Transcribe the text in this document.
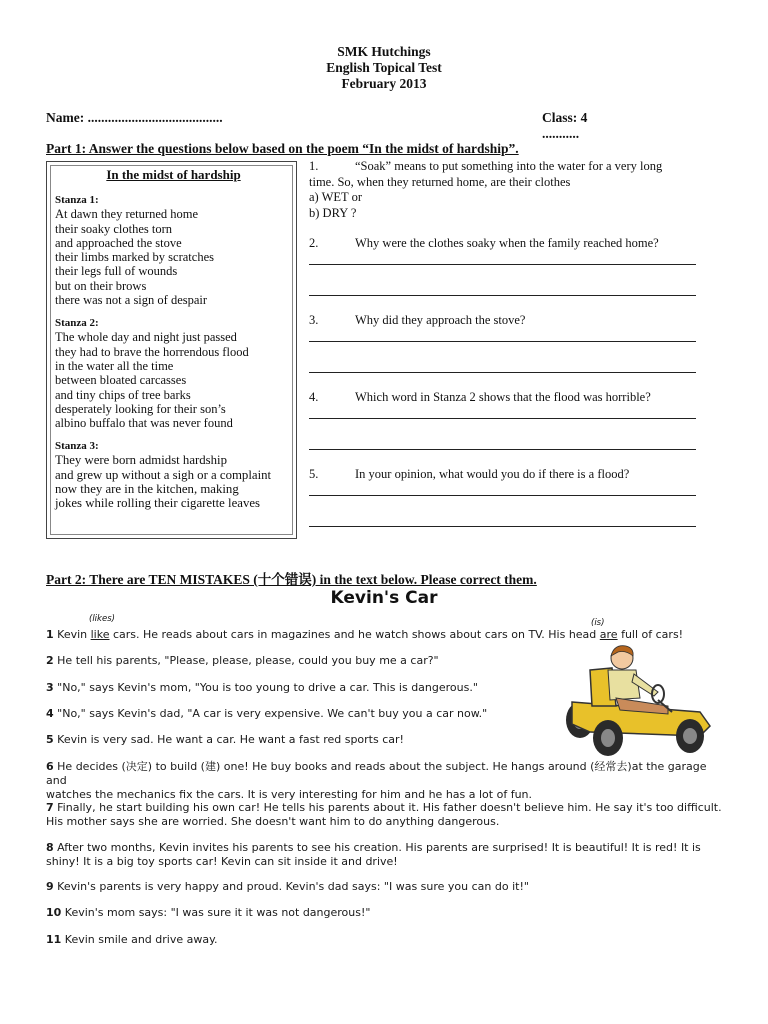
SMK Hutchings
English Topical Test
February 2013
Name: ........................................	Class: 4 ...........
Part 1: Answer the questions below based on the poem “In the midst of hardship”.
In the midst of hardship
Stanza 1:
At dawn they returned home
their soaky clothes torn
and approached the stove
their limbs marked by scratches
their legs full of wounds
but on their brows
there was not a sign of despair
Stanza 2:
The whole day and night just passed
they had to brave the horrendous flood
in the water all the time
between bloated carcasses
and tiny chips of tree barks
desperately looking for their son’s
albino buffalo that was never found
Stanza 3:
They were born admidst hardship
and grew up without a sigh or a complaint
now they are in the kitchen, making
jokes while rolling their cigarette leaves
1.	“Soak” means to put something into the water for a very long
time. So, when they returned home, are their clothes
a) WET or
b) DRY ?
2.	Why were the clothes soaky when the family reached home?
3.	Why did they approach the stove?
4.	Which word in Stanza 2 shows that the flood was horrible?
5.	In your opinion, what would you do if there is a flood?
Part 2: There are TEN MISTAKES (十个错误) in the text below. Please correct them.
Kevin's Car
(likes)	(is)
1 Kevin like cars. He reads about cars in magazines and he watch shows about cars on TV. His head are full of cars!
2 He tell his parents, "Please, please, please, could you buy me a car?"
3 "No," says Kevin's mom, "You is too young to drive a car. This is dangerous."
4 "No," says Kevin's dad, "A car is very expensive. We can't buy you a car now."
5 Kevin is very sad. He want a car. He want a fast red sports car!
6 He decides (决定) to build (建) one! He buy books and reads about the subject. He hangs around (经常去)at the garage and
watches the mechanics fix the cars. It is very interesting for him and he has a lot of fun.
7 Finally, he start building his own car! He tells his parents about it. His father doesn't believe him. He say it's too difficult.
His mother says she are worried. She doesn't want him to do anything dangerous.
8 After two months, Kevin invites his parents to see his creation. His parents are surprised! It is beautiful! It is red! It is
shiny! It is a big toy sports car! Kevin can sit inside it and drive!
9 Kevin's parents is very happy and proud. Kevin's dad says: "I was sure you can do it!"
10 Kevin's mom says: "I was sure it it was not dangerous!"
11 Kevin smile and drive away.
